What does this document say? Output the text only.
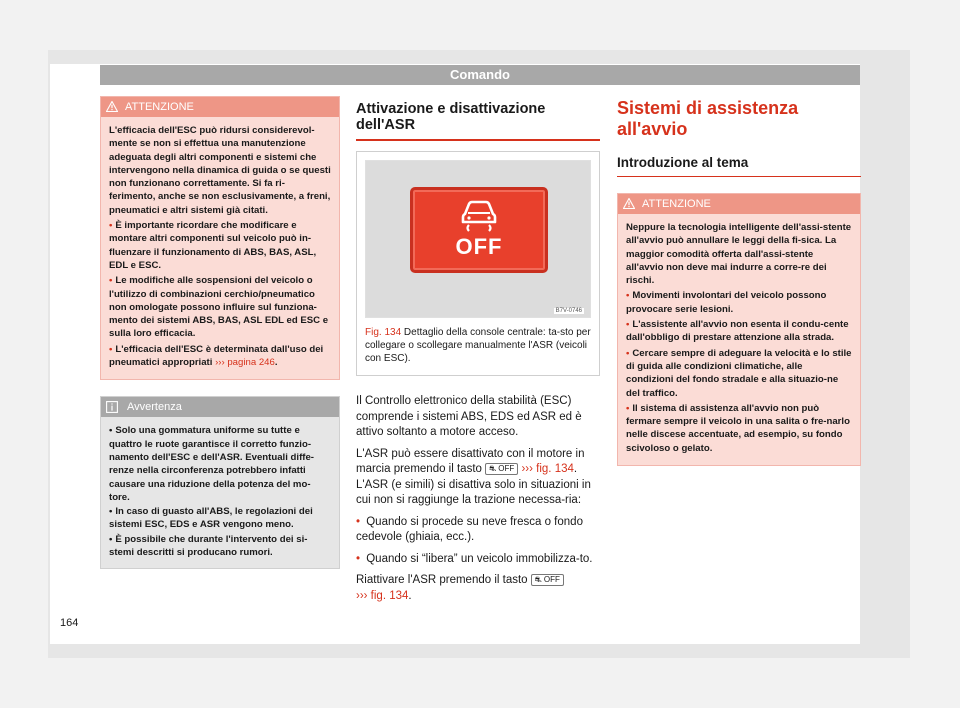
Comando
ATTENZIONE

L'efficacia dell'ESC può ridursi considerevol-mente se non si effettua una manutenzione adeguata degli altri componenti e sistemi che intervengono nella dinamica di guida o se questi non funzionano correttamente. Si fa ri-ferimento, anche se non esclusivamente, a freni, pneumatici e altri sistemi già citati.

• È importante ricordare che modificare e montare altri componenti sul veicolo può in-fluenzare il funzionamento di ABS, BAS, ASL, EDL e ESC.

• Le modifiche alle sospensioni del veicolo o l'utilizzo di combinazioni cerchio/pneumatico non omologate possono influire sul funziona-mento dei sistemi ABS, BAS, ASL EDL ed ESC e sulla loro efficacia.

• L'efficacia dell'ESC è determinata dall'uso dei pneumatici appropriati ››› pagina 246.

Avvertenza

• Solo una gommatura uniforme su tutte e quattro le ruote garantisce il corretto funzio-namento dell'ESC e dell'ASR. Eventuali diffe-renze nella circonferenza potrebbero infatti causare una riduzione della potenza del mo-tore.

• In caso di guasto all'ABS, le regolazioni dei sistemi ESC, EDS e ASR vengono meno.

• È possibile che durante l'intervento dei si-stemi descritti si producano rumori.

Attivazione e disattivazione dell'ASR
OFF
B7V-0746
Fig. 134 Dettaglio della console centrale: ta-sto per collegare o scollegare manualmente l'ASR (veicoli con ESC).

Il Controllo elettronico della stabilità (ESC) comprende i sistemi ABS, EDS ed ASR ed è attivo soltanto a motore acceso.

L'ASR può essere disattivato con il motore in marcia premendo il tasto ⛐ OFF ››› fig. 134. L'ASR (e simili) si disattiva solo in situazioni in cui non si raggiunge la trazione necessa-ria:

• Quando si procede su neve fresca o fondo cedevole (ghiaia, ecc.).

• Quando si “libera” un veicolo immobilizza-to.

Riattivare l'ASR premendo il tasto ⛐ OFF
››› fig. 134.

Sistemi di assistenza all'avvio
Introduzione al tema
ATTENZIONE

Neppure la tecnologia intelligente dell'assi-stente all'avvio può annullare le leggi della fi-sica. La maggior comodità offerta dall'assi-stente all'avvio non deve mai indurre a corre-re dei rischi.

• Movimenti involontari del veicolo possono provocare serie lesioni.

• L'assistente all'avvio non esenta il condu-cente dall'obbligo di prestare attenzione alla strada.

• Cercare sempre di adeguare la velocità e lo stile di guida alle condizioni climatiche, alle condizioni del fondo stradale e alla situazio-ne del traffico.

• Il sistema di assistenza all'avvio non può fermare sempre il veicolo in una salita o fre-narlo nelle discese accentuate, ad esempio, su fondo scivoloso o gelato.

164
